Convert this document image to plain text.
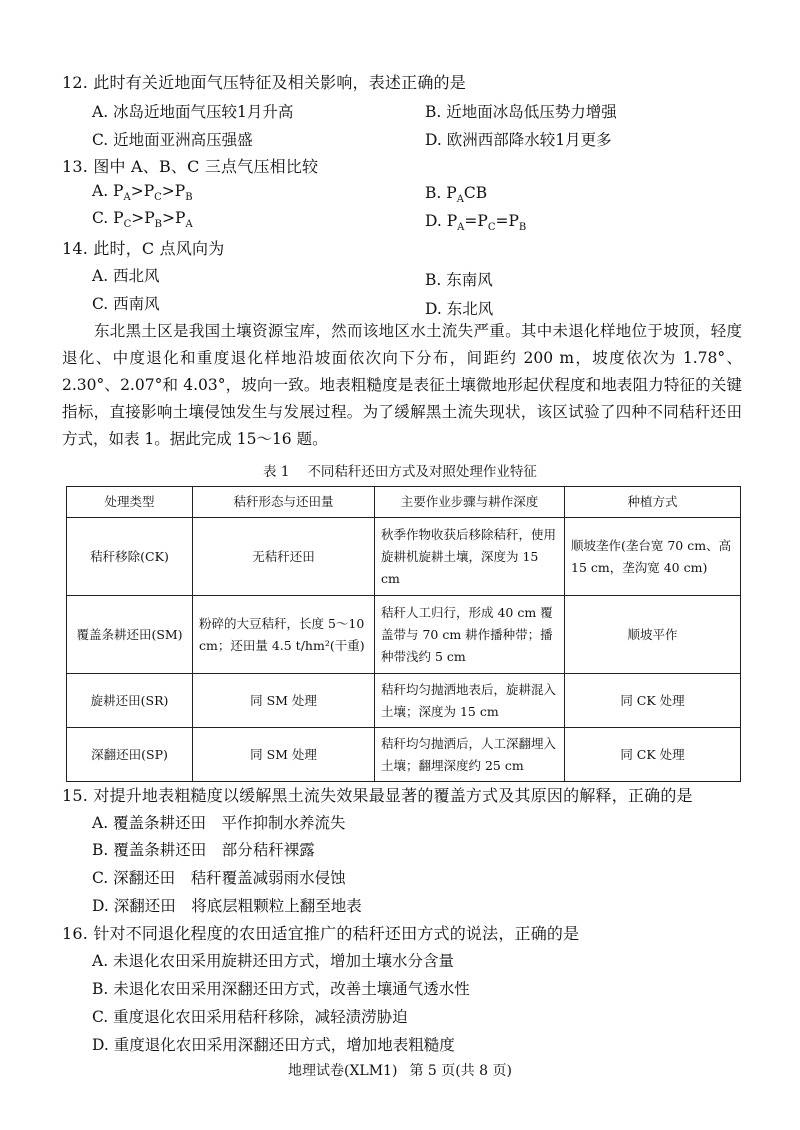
12. 此时有关近地面气压特征及相关影响，表述正确的是
A. 冰岛近地面气压较1月升高	B. 近地面冰岛低压势力增强
C. 近地面亚洲高压强盛	D. 欧洲西部降水较1月更多
13. 图中 A、B、C 三点气压相比较
A. $P_A>P_C>P_B$	B. $P_ACB$
C. $P_C>P_B>P_A$	D. $P_A=P_C=P_B$
14. 此时，C 点风向为
A. 西北风	B. 东南风
C. 西南风	D. 东北风
东北黑土区是我国土壤资源宝库，然而该地区水土流失严重。其中未退化样地位于坡顶，轻度退化、中度退化和重度退化样地沿坡面依次向下分布，间距约 200 m，坡度依次为 1.78°、2.30°、2.07°和 4.03°，坡向一致。地表粗糙度是表征土壤微地形起伏程度和地表阻力特征的关键指标，直接影响土壤侵蚀发生与发展过程。为了缓解黑土流失现状，该区试验了四种不同秸秆还田方式，如表 1。据此完成 15～16 题。
表 1 不同秸秆还田方式及对照处理作业特征
处理类型	秸秆形态与还田量	主要作业步骤与耕作深度	种植方式
秸秆移除(CK)	无秸秆还田	秋季作物收获后移除秸秆，使用旋耕机旋耕土壤，深度为 15 cm	顺坡垄作(垄台宽 70 cm、高 15 cm，垄沟宽 40 cm)
覆盖条耕还田(SM)	粉碎的大豆秸秆，长度 5～10 cm；还田量 4.5 t/hm²(干重)	秸秆人工归行，形成 40 cm 覆盖带与 70 cm 耕作播种带；播种带浅约 5 cm	顺坡平作
旋耕还田(SR)	同 SM 处理	秸秆均匀抛洒地表后，旋耕混入土壤；深度为 15 cm	同 CK 处理
深翻还田(SP)	同 SM 处理	秸秆均匀抛洒后，人工深翻埋入土壤；翻埋深度约 25 cm	同 CK 处理
15. 对提升地表粗糙度以缓解黑土流失效果最显著的覆盖方式及其原因的解释，正确的是
A. 覆盖条耕还田　平作抑制水养流失
B. 覆盖条耕还田　部分秸秆裸露
C. 深翻还田　秸秆覆盖减弱雨水侵蚀
D. 深翻还田　将底层粗颗粒上翻至地表
16. 针对不同退化程度的农田适宜推广的秸秆还田方式的说法，正确的是
A. 未退化农田采用旋耕还田方式，增加土壤水分含量
B. 未退化农田采用深翻还田方式，改善土壤通气透水性
C. 重度退化农田采用秸秆移除，减轻渍涝胁迫
D. 重度退化农田采用深翻还田方式，增加地表粗糙度
地理试卷(XLM1) 第 5 页(共 8 页)
